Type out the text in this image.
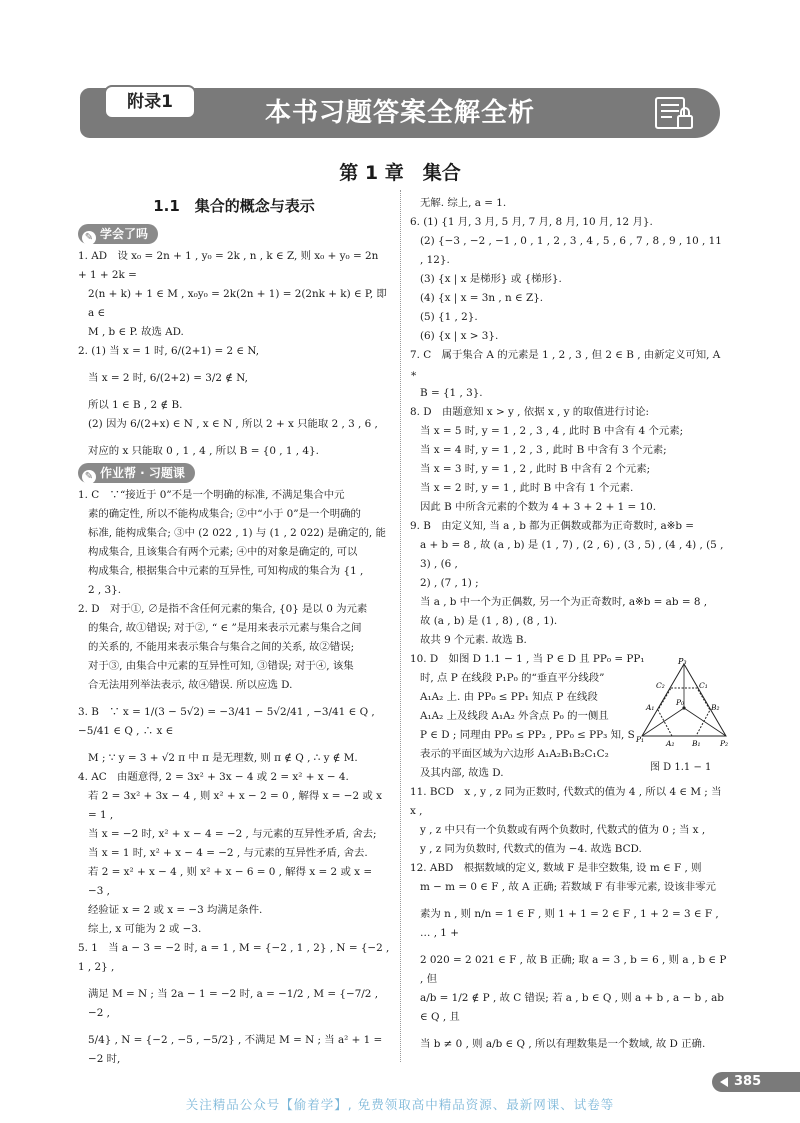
本书习题答案全解全析
附录1
第 1 章　集合

1.1　集合的概念与表示

✎ 学会了吗

1. AD　设 x₀ = 2n + 1 , y₀ = 2k , n , k ∈ Z, 则 x₀ + y₀ = 2n + 1 + 2k =

2(n + k) + 1 ∈ M , x₀y₀ = 2k(2n + 1) = 2(2nk + k) ∈ P, 即 a ∈

M , b ∈ P. 故选 AD.

2. (1) 当 x = 1 时, 6/(2+1) = 2 ∈ N,

当 x = 2 时, 6/(2+2) = 3/2 ∉ N,

所以 1 ∈ B , 2 ∉ B.

(2) 因为 6/(2+x) ∈ N , x ∈ N , 所以 2 + x 只能取 2 , 3 , 6 ,

对应的 x 只能取 0 , 1 , 4 , 所以 B = {0 , 1 , 4}.

✎ 作业帮 · 习题课

1. C　∵“接近于 0”不是一个明确的标准, 不满足集合中元

素的确定性, 所以不能构成集合; ②中“小于 0”是一个明确的

标准, 能构成集合; ③中 (2 022 , 1) 与 (1 , 2 022) 是确定的, 能

构成集合, 且该集合有两个元素; ④中的对象是确定的, 可以

构成集合, 根据集合中元素的互异性, 可知构成的集合为 {1 ,

2 , 3}.

2. D　对于①, ∅是指不含任何元素的集合, {0} 是以 0 为元素

的集合, 故①错误; 对于②, “ ∈ ”是用来表示元素与集合之间

的关系的, 不能用来表示集合与集合之间的关系, 故②错误;

对于③, 由集合中元素的互异性可知, ③错误; 对于④, 该集

合无法用列举法表示, 故④错误. 所以应选 D.

3. B　∵ x = 1/(3 − 5√2) = −3/41 − 5√2/41 , −3/41 ∈ Q , −5/41 ∈ Q , ∴ x ∈

M ; ∵ y = 3 + √2 π 中 π 是无理数, 则 π ∉ Q , ∴ y ∉ M.

4. AC　由题意得, 2 = 3x² + 3x − 4 或 2 = x² + x − 4.

若 2 = 3x² + 3x − 4 , 则 x² + x − 2 = 0 , 解得 x = −2 或 x = 1 ,

当 x = −2 时, x² + x − 4 = −2 , 与元素的互异性矛盾, 舍去;

当 x = 1 时, x² + x − 4 = −2 , 与元素的互异性矛盾, 舍去.

若 2 = x² + x − 4 , 则 x² + x − 6 = 0 , 解得 x = 2 或 x = −3 ,

经验证 x = 2 或 x = −3 均满足条件.

综上, x 可能为 2 或 −3.

5. 1　当 a − 3 = −2 时, a = 1 , M = {−2 , 1 , 2} , N = {−2 , 1 , 2} ,

满足 M = N ; 当 2a − 1 = −2 时, a = −1/2 , M = {−7/2 , −2 ,

5/4} , N = {−2 , −5 , −5/2} , 不满足 M = N ; 当 a² + 1 = −2 时,

无解. 综上, a = 1.

6. (1) {1 月, 3 月, 5 月, 7 月, 8 月, 10 月, 12 月}.

(2) {−3 , −2 , −1 , 0 , 1 , 2 , 3 , 4 , 5 , 6 , 7 , 8 , 9 , 10 , 11 , 12}.

(3) {x | x 是梯形} 或 {梯形}.

(4) {x | x = 3n , n ∈ Z}.

(5) {1 , 2}.

(6) {x | x > 3}.

7. C　属于集合 A 的元素是 1 , 2 , 3 , 但 2 ∈ B , 由新定义可知, A ∗

B = {1 , 3}.

8. D　由题意知 x > y , 依据 x , y 的取值进行讨论:

当 x = 5 时, y = 1 , 2 , 3 , 4 , 此时 B 中含有 4 个元素;

当 x = 4 时, y = 1 , 2 , 3 , 此时 B 中含有 3 个元素;

当 x = 3 时, y = 1 , 2 , 此时 B 中含有 2 个元素;

当 x = 2 时, y = 1 , 此时 B 中含有 1 个元素.

因此 B 中所含元素的个数为 4 + 3 + 2 + 1 = 10.

9. B　由定义知, 当 a , b 都为正偶数或都为正奇数时, a※b =

a + b = 8 , 故 (a , b) 是 (1 , 7) , (2 , 6) , (3 , 5) , (4 , 4) , (5 , 3) , (6 ,

2) , (7 , 1) ;

当 a , b 中一个为正偶数, 另一个为正奇数时, a※b = ab = 8 ,

故 (a , b) 是 (1 , 8) , (8 , 1).

故共 9 个元素. 故选 B.

10. D　如图 D 1.1 − 1 , 当 P ∈ D 且 PP₀ = PP₁

时, 点 P 在线段 P₁P₀ 的“垂直平分线段”

A₁A₂ 上. 由 PP₀ ≤ PP₁ 知点 P 在线段

A₁A₂ 上及线段 A₁A₂ 外含点 P₀ 的一侧且

P ∈ D ; 同理由 PP₀ ≤ PP₂ , PP₀ ≤ PP₃ 知, S

表示的平面区域为六边形 A₁A₂B₁B₂C₁C₂

及其内部, 故选 D.

11. BCD　x , y , z 同为正数时, 代数式的值为 4 , 所以 4 ∈ M ; 当 x ,

y , z 中只有一个负数或有两个负数时, 代数式的值为 0 ; 当 x ,

y , z 同为负数时, 代数式的值为 −4. 故选 BCD.

12. ABD　根据数域的定义, 数域 F 是非空数集, 设 m ∈ F , 则

m − m = 0 ∈ F , 故 A 正确; 若数域 F 有非零元素, 设该非零元

素为 n , 则 n/n = 1 ∈ F , 则 1 + 1 = 2 ∈ F , 1 + 2 = 3 ∈ F , … , 1 +

2 020 = 2 021 ∈ F , 故 B 正确; 取 a = 3 , b = 6 , 则 a , b ∈ P , 但

a/b = 1/2 ∉ P , 故 C 错误; 若 a , b ∈ Q , 则 a + b , a − b , ab ∈ Q , 且

当 b ≠ 0 , 则 a/b ∈ Q , 所以有理数集是一个数域, 故 D 正确.

P₃
C₂	C₁
P₀
A₁	B₂
P₁	A₂ B₁	P₂
图 D 1.1 − 1
385
关注精品公众号【偷着学】, 免费领取高中精品资源、最新网课、试卷等
